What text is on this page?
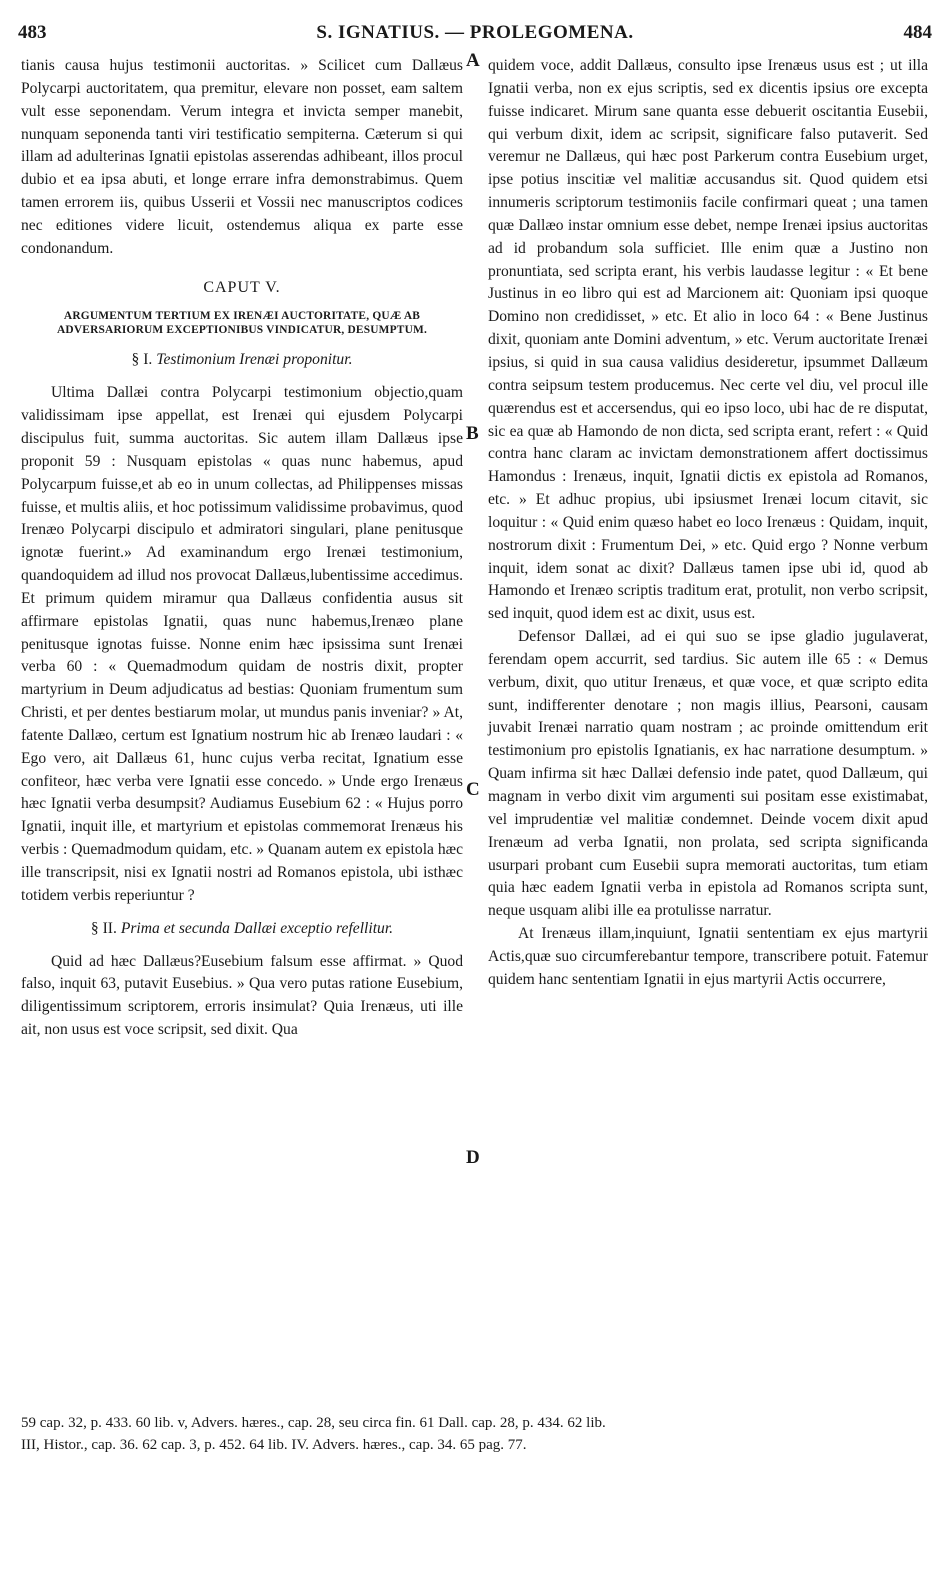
483	S. IGNATIUS. — PROLEGOMENA.	484
A
B
C
D

tianis causa hujus testimonii auctoritas. » Scilicet cum Dallæus Polycarpi auctoritatem, qua premitur, elevare non posset, eam saltem vult esse seponendam. Verum integra et invicta semper manebit, nunquam seponenda tanti viri testificatio sempiterna. Cæterum si qui illam ad adulterinas Ignatii epistolas asserendas adhibeant, illos procul dubio et ea ipsa abuti, et longe errare infra demonstrabimus. Quem tamen errorem iis, quibus Usserii et Vossii nec manuscriptos codices nec editiones videre licuit, ostendemus aliqua ex parte esse condonandum.

CAPUT V.

ARGUMENTUM TERTIUM EX IRENÆI AUCTORITATE, QUÆ AB ADVERSARIORUM EXCEPTIONIBUS VINDICATUR, DESUMPTUM.

§ I. Testimonium Irenæi proponitur.

Ultima Dallæi contra Polycarpi testimonium objectio,quam validissimam ipse appellat, est Irenæi qui ejusdem Polycarpi discipulus fuit, summa auctoritas. Sic autem illam Dallæus ipse proponit 59 : Nusquam epistolas « quas nunc habemus, apud Polycarpum fuisse,et ab eo in unum collectas, ad Philippenses missas fuisse, et multis aliis, et hoc potissimum validissime probavimus, quod Irenæo Polycarpi discipulo et admiratori singulari, plane penitusque ignotæ fuerint.» Ad examinandum ergo Irenæi testimonium, quandoquidem ad illud nos provocat Dallæus,lubentissime accedimus. Et primum quidem miramur qua Dallæus confidentia ausus sit affirmare epistolas Ignatii, quas nunc habemus,Irenæo plane penitusque ignotas fuisse. Nonne enim hæc ipsissima sunt Irenæi verba 60 : « Quemadmodum quidam de nostris dixit, propter martyrium in Deum adjudicatus ad bestias: Quoniam frumentum sum Christi, et per dentes bestiarum molar, ut mundus panis inveniar? » At, fatente Dallæo, certum est Ignatium nostrum hic ab Irenæo laudari : « Ego vero, ait Dallæus 61, hunc cujus verba recitat, Ignatium esse confiteor, hæc verba vere Ignatii esse concedo. » Unde ergo Irenæus hæc Ignatii verba desumpsit? Audiamus Eusebium 62 : « Hujus porro Ignatii, inquit ille, et martyrium et epistolas commemorat Irenæus his verbis : Quemadmodum quidam, etc. » Quanam autem ex epistola hæc ille transcripsit, nisi ex Ignatii nostri ad Romanos epistola, ubi isthæc totidem verbis reperiuntur ?

§ II. Prima et secunda Dallæi exceptio refellitur.

Quid ad hæc Dallæus?Eusebium falsum esse affirmat. » Quod falso, inquit 63, putavit Eusebius. » Qua vero putas ratione Eusebium, diligentissimum scriptorem, erroris insimulat? Quia Irenæus, uti ille ait, non usus est voce scripsit, sed dixit. Qua

quidem voce, addit Dallæus, consulto ipse Irenæus usus est ; ut illa Ignatii verba, non ex ejus scriptis, sed ex dicentis ipsius ore excepta fuisse indicaret. Mirum sane quanta esse debuerit oscitantia Eusebii, qui verbum dixit, idem ac scripsit, significare falso putaverit. Sed veremur ne Dallæus, qui hæc post Parkerum contra Eusebium urget, ipse potius inscitiæ vel malitiæ accusandus sit. Quod quidem etsi innumeris scriptorum testimoniis facile confirmari queat ; una tamen quæ Dallæo instar omnium esse debet, nempe Irenæi ipsius auctoritas ad id probandum sola sufficiet. Ille enim quæ a Justino non pronuntiata, sed scripta erant, his verbis laudasse legitur : « Et bene Justinus in eo libro qui est ad Marcionem ait: Quoniam ipsi quoque Domino non credidisset, » etc. Et alio in loco 64 : « Bene Justinus dixit, quoniam ante Domini adventum, » etc. Verum auctoritate Irenæi ipsius, si quid in sua causa validius desideretur, ipsummet Dallæum contra seipsum testem producemus. Nec certe vel diu, vel procul ille quærendus est et accersendus, qui eo ipso loco, ubi hac de re disputat, sic ea quæ ab Hamondo de non dicta, sed scripta erant, refert : « Quid contra hanc claram ac invictam demonstrationem affert doctissimus Hamondus : Irenæus, inquit, Ignatii dictis ex epistola ad Romanos, etc. » Et adhuc propius, ubi ipsiusmet Irenæi locum citavit, sic loquitur : « Quid enim quæso habet eo loco Irenæus : Quidam, inquit, nostrorum dixit : Frumentum Dei, » etc. Quid ergo ? Nonne verbum inquit, idem sonat ac dixit? Dallæus tamen ipse ubi id, quod ab Hamondo et Irenæo scriptis traditum erat, protulit, non verbo scripsit, sed inquit, quod idem est ac dixit, usus est.

Defensor Dallæi, ad ei qui suo se ipse gladio jugulaverat, ferendam opem accurrit, sed tardius. Sic autem ille 65 : « Demus verbum, dixit, quo utitur Irenæus, et quæ voce, et quæ scripto edita sunt, indifferenter denotare ; non magis illius, Pearsoni, causam juvabit Irenæi narratio quam nostram ; ac proinde omittendum erit testimonium pro epistolis Ignatianis, ex hac narratione desumptum. » Quam infirma sit hæc Dallæi defensio inde patet, quod Dallæum, qui magnam in verbo dixit vim argumenti sui positam esse existimabat, vel imprudentiæ vel malitiæ condemnet. Deinde vocem dixit apud Irenæum ad verba Ignatii, non prolata, sed scripta significanda usurpari probant cum Eusebii supra memorati auctoritas, tum etiam quia hæc eadem Ignatii verba in epistola ad Romanos scripta sunt, neque usquam alibi ille ea protulisse narratur.

At Irenæus illam,inquiunt, Ignatii sententiam ex ejus martyrii Actis,quæ suo circumferebantur tempore, transcribere potuit. Fatemur quidem hanc sententiam Ignatii in ejus martyrii Actis occurrere,

59 cap. 32, p. 433. 60 lib. v, Advers. hæres., cap. 28, seu circa fin. 61 Dall. cap. 28, p. 434. 62 lib.
III, Histor., cap. 36. 62 cap. 3, p. 452. 64 lib. IV. Advers. hæres., cap. 34. 65 pag. 77.
